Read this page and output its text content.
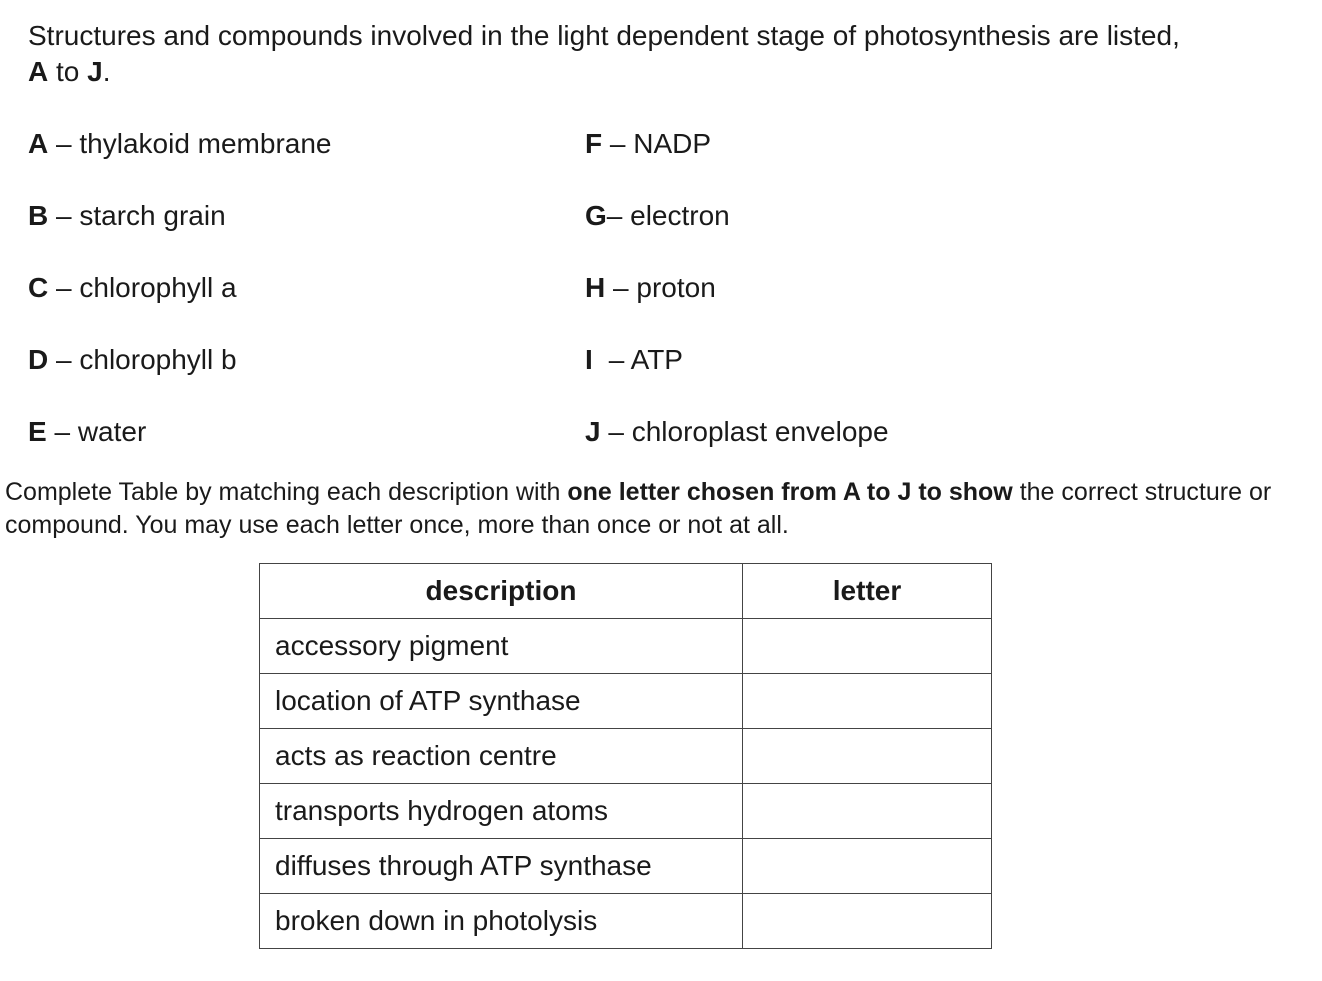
Structures and compounds involved in the light dependent stage of photosynthesis are listed,
A to J.
A – thylakoid membrane	F – NADP
B – starch grain	G– electron
C – chlorophyll a	H – proton
D – chlorophyll b	I – ATP
E – water	J – chloroplast envelope
Complete Table by matching each description with one letter chosen from A to J to show the correct structure or compound. You may use each letter once, more than once or not at all.
description	letter
accessory pigment	
location of ATP synthase	
acts as reaction centre	
transports hydrogen atoms	
diffuses through ATP synthase	
broken down in photolysis	
